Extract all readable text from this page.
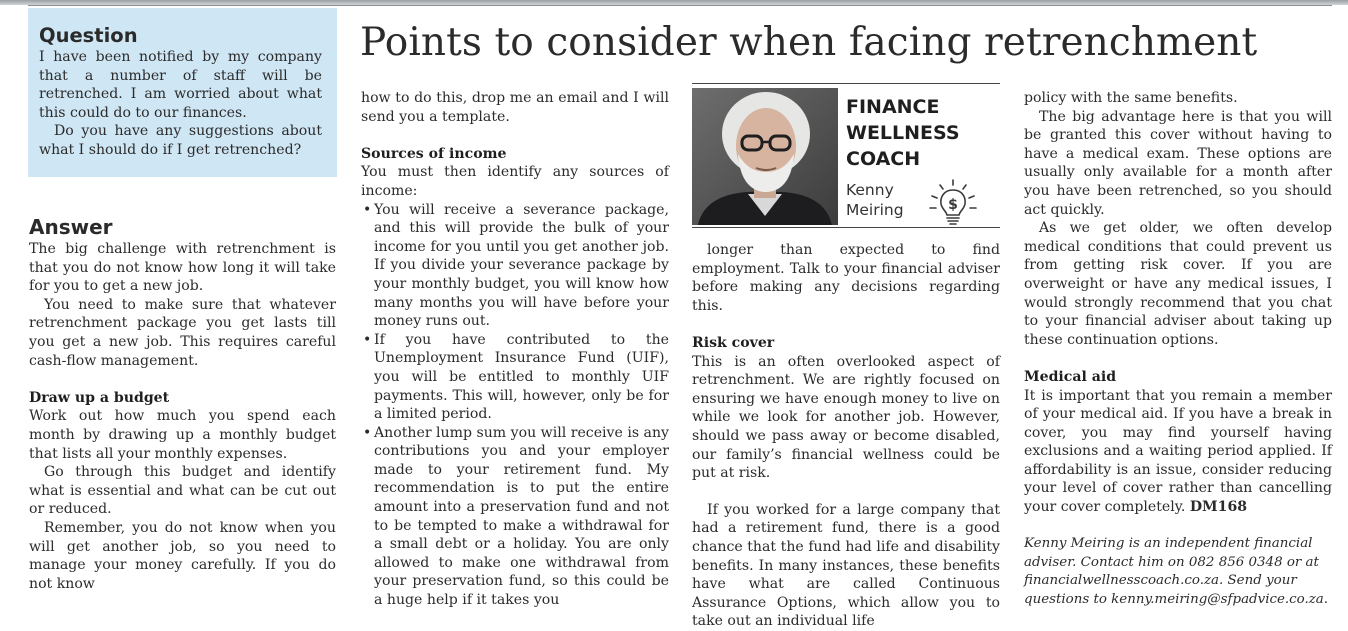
Question

I have been notified by my company that a number of staff will be retrenched. I am worried about what this could do to our finances.

Do you have any suggestions about what I should do if I get retrenched?

Answer

The big challenge with retrenchment is that you do not know how long it will take for you to get a new job.

You need to make sure that whatever retrenchment package you get lasts till you get a new job. This requires careful cash-flow management.

Draw up a budget

Work out how much you spend each month by drawing up a monthly budget that lists all your monthly expenses.

Go through this budget and identify what is essential and what can be cut out or reduced.

Remember, you do not know when you will get another job, so you need to manage your money carefully. If you do not know

Points to consider when facing retrenchment

how to do this, drop me an email and I will send you a template.

Sources of income

You must then identify any sources of income:

• You will receive a severance package, and this will provide the bulk of your income for you until you get another job. If you divide your severance package by your monthly budget, you will know how many months you will have before your money runs out.

• If you have contributed to the Unemployment Insurance Fund (UIF), you will be entitled to monthly UIF payments. This will, however, only be for a limited period.

• Another lump sum you will receive is any contributions you and your employer made to your retirement fund. My recommendation is to put the entire amount into a preservation fund and not to be tempted to make a withdrawal for a small debt or a holiday. You are only allowed to make one withdrawal from your preservation fund, so this could be a huge help if it takes you

FINANCE
WELLNESS
COACH
Kenny
Meiring	$

longer than expected to find employment. Talk to your financial adviser before making any decisions regarding this.

Risk cover

This is an often overlooked aspect of retrenchment. We are rightly focused on ensuring we have enough money to live on while we look for another job. However, should we pass away or become disabled, our family’s financial wellness could be put at risk.

If you worked for a large company that had a retirement fund, there is a good chance that the fund had life and disability benefits. In many instances, these benefits have what are called Continuous Assurance Options, which allow you to take out an individual life

policy with the same benefits.

The big advantage here is that you will be granted this cover without having to have a medical exam. These options are usually only available for a month after you have been retrenched, so you should act quickly.

As we get older, we often develop medical conditions that could prevent us from getting risk cover. If you are overweight or have any medical issues, I would strongly recommend that you chat to your financial adviser about taking up these continuation options.

Medical aid

It is important that you remain a member of your medical aid. If you have a break in cover, you may find yourself having exclusions and a waiting period applied. If affordability is an issue, consider reducing your level of cover rather than cancelling your cover completely. DM168

Kenny Meiring is an independent financial adviser. Contact him on 082 856 0348 or at financialwellnesscoach.co.za. Send your questions to kenny.meiring@sfpadvice.co.za.
